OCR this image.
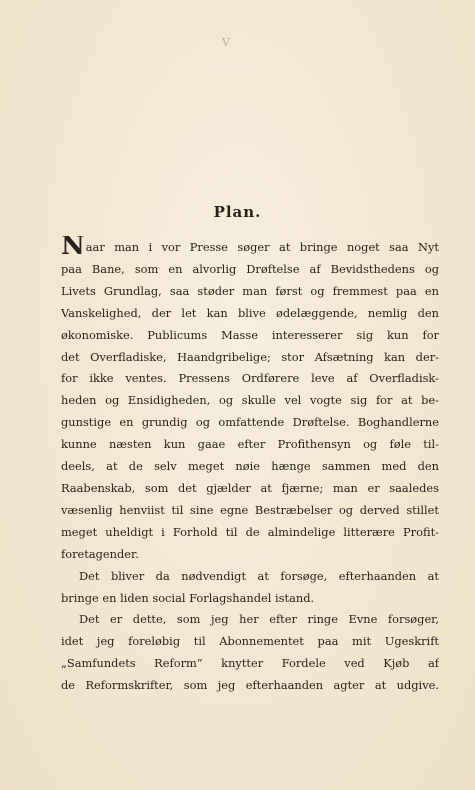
V
Plan.
Naar man i vor Presse søger at bringe noget saa Nyt
paa Bane, som en alvorlig Drøftelse af Bevidsthedens og
Livets Grundlag, saa støder man først og fremmest paa en
Vanskelighed, der let kan blive ødelæggende, nemlig den
økonomiske. Publicums Masse interesserer sig kun for
det Overfladiske, Haandgribelige; stor Afsætning kan der-
for ikke ventes. Pressens Ordførere leve af Overfladisk-
heden og Ensidigheden, og skulle vel vogte sig for at be-
gunstige en grundig og omfattende Drøftelse. Boghandlerne
kunne næsten kun gaae efter Profithensyn og føle til-
deels, at de selv meget nøie hænge sammen med den
Raabenskab, som det gjælder at fjærne; man er saaledes
væsenlig henviist til sine egne Bestræbelser og derved stillet
meget uheldigt i Forhold til de almindelige litterære Profit-
foretagender.
Det bliver da nødvendigt at forsøge, efterhaanden at
bringe en liden social Forlagshandel istand.
Det er dette, som jeg her efter ringe Evne forsøger,
idet jeg foreløbig til Abonnementet paa mit Ugeskrift
„Samfundets Reform“ knytter Fordele ved Kjøb af
de Reformskrifter, som jeg efterhaanden agter at udgive.
